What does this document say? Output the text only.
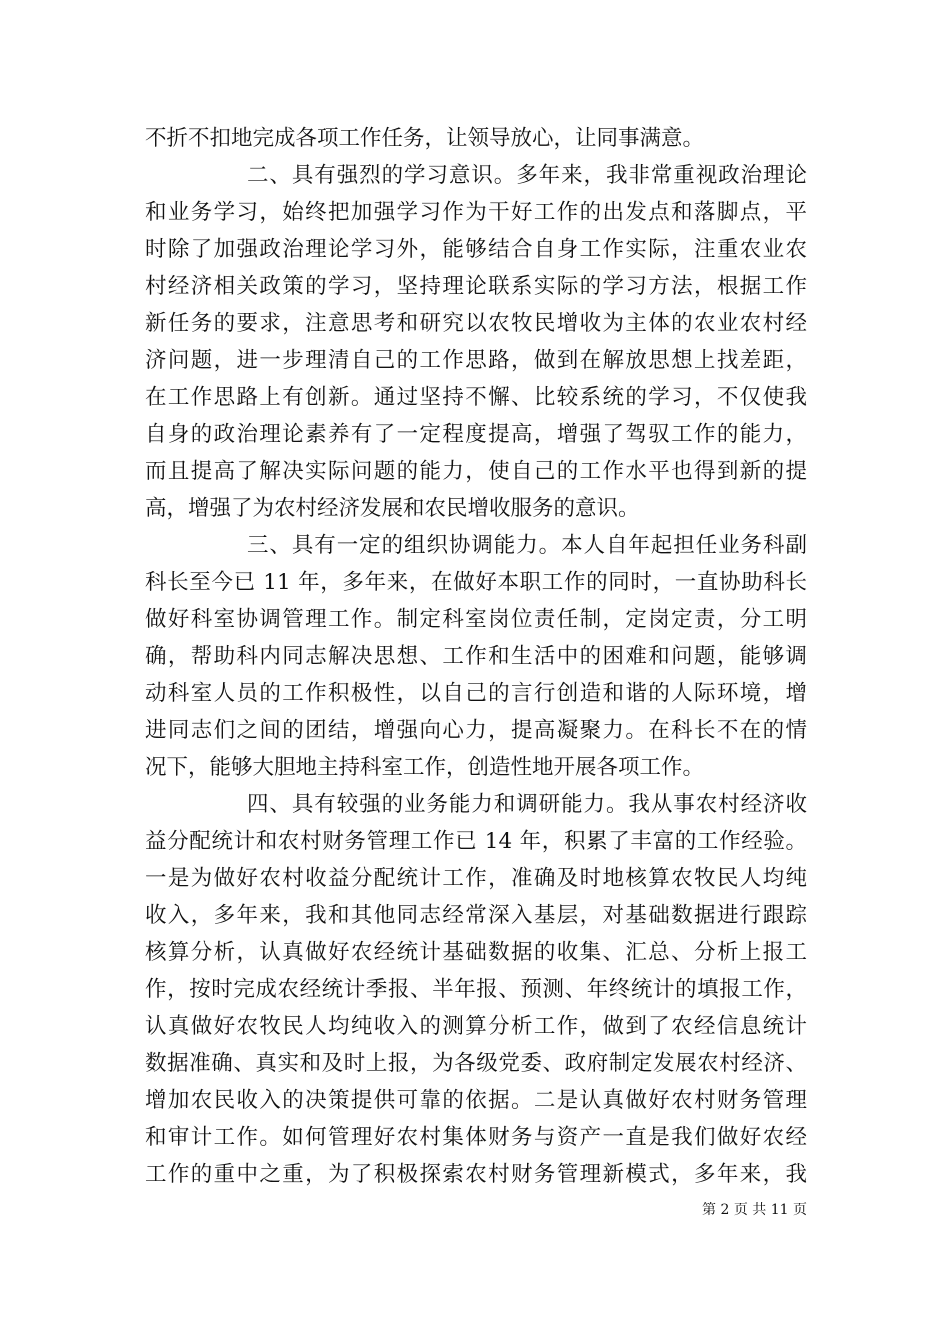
不折不扣地完成各项工作任务，让领导放心，让同事满意。
二、具有强烈的学习意识。多年来，我非常重视政治理论
和业务学习，始终把加强学习作为干好工作的出发点和落脚点，平
时除了加强政治理论学习外，能够结合自身工作实际，注重农业农
村经济相关政策的学习，坚持理论联系实际的学习方法，根据工作
新任务的要求，注意思考和研究以农牧民增收为主体的农业农村经
济问题，进一步理清自己的工作思路，做到在解放思想上找差距，
在工作思路上有创新。通过坚持不懈、比较系统的学习，不仅使我
自身的政治理论素养有了一定程度提高，增强了驾驭工作的能力，
而且提高了解决实际问题的能力，使自己的工作水平也得到新的提
高，增强了为农村经济发展和农民增收服务的意识。
三、具有一定的组织协调能力。本人自年起担任业务科副
科长至今已 11 年，多年来，在做好本职工作的同时，一直协助科长
做好科室协调管理工作。制定科室岗位责任制，定岗定责，分工明
确，帮助科内同志解决思想、工作和生活中的困难和问题，能够调
动科室人员的工作积极性，以自己的言行创造和谐的人际环境，增
进同志们之间的团结，增强向心力，提高凝聚力。在科长不在的情
况下，能够大胆地主持科室工作，创造性地开展各项工作。
四、具有较强的业务能力和调研能力。我从事农村经济收
益分配统计和农村财务管理工作已 14 年，积累了丰富的工作经验。
一是为做好农村收益分配统计工作，准确及时地核算农牧民人均纯
收入，多年来，我和其他同志经常深入基层，对基础数据进行跟踪
核算分析，认真做好农经统计基础数据的收集、汇总、分析上报工
作，按时完成农经统计季报、半年报、预测、年终统计的填报工作，
认真做好农牧民人均纯收入的测算分析工作，做到了农经信息统计
数据准确、真实和及时上报，为各级党委、政府制定发展农村经济、
增加农民收入的决策提供可靠的依据。二是认真做好农村财务管理
和审计工作。如何管理好农村集体财务与资产一直是我们做好农经
工作的重中之重，为了积极探索农村财务管理新模式，多年来，我
第 2 页 共 11 页
